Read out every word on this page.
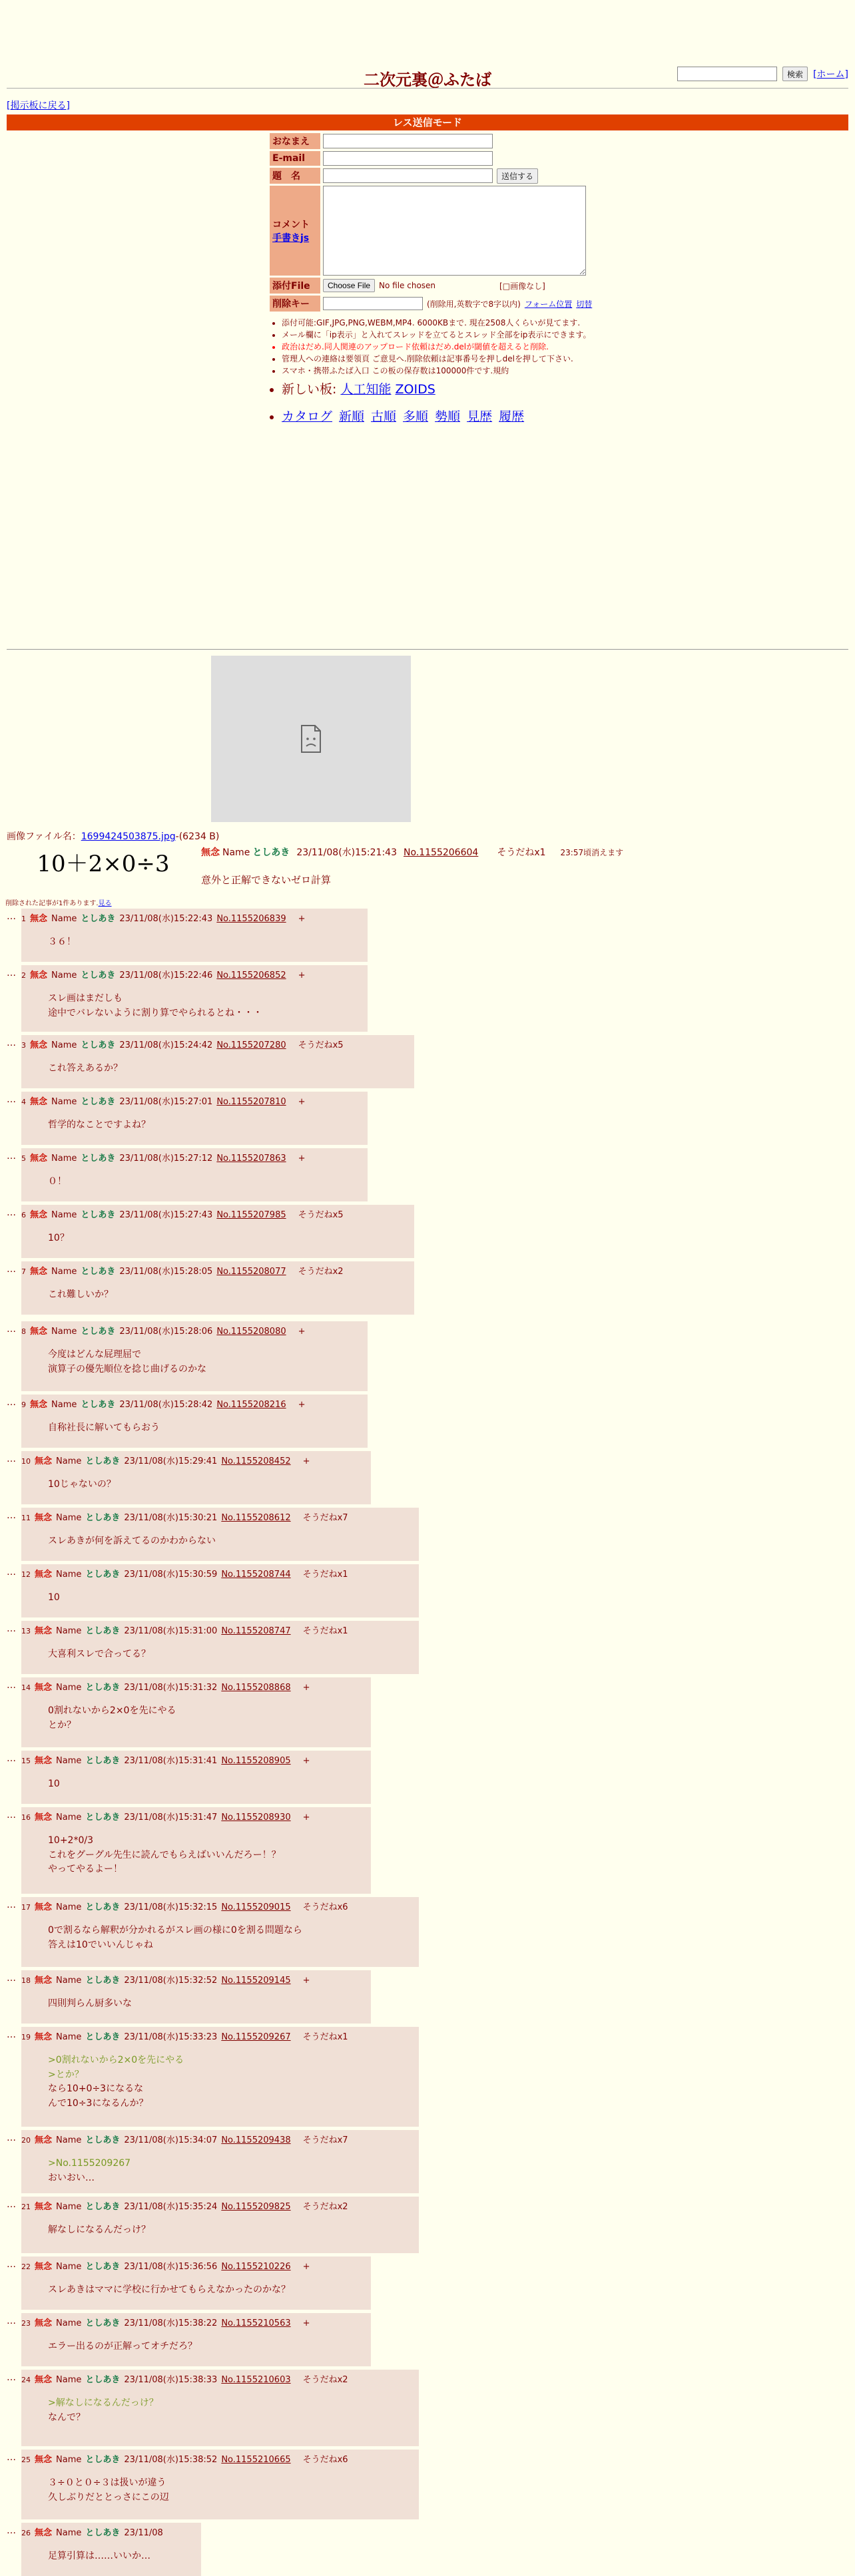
二次元裏＠ふたば	検索	[ホーム]
[掲示板に戻る]
レス送信モード
おなまえ
E-mail
題　名	送信する
コメント
手書きjs
添付File	Choose File	No file chosen	[□画像なし]
削除キー	(削除用,英数字で8字以内) フォーム位置 切替
• 添付可能:GIF,JPG,PNG,WEBM,MP4. 6000KBまで. 現在2508人くらいが見てます.
• メール欄に「ip表示」と入れてスレッドを立てるとスレッド全部をip表示にできます。
• 政治はだめ.同人関連のアップロード依頼はだめ.delが閾値を超えると削除.
• 管理人への連絡は要領頁 ご意見へ.削除依頼は記事番号を押しdelを押して下さい.
• スマホ・携帯ふたば入口 この板の保存数は100000件です.規約
• 新しい板: 人工知能 ZOIDS
• カタログ 新順 古順 多順 勢順 見歴 履歴
画像ファイル名：1699424503875.jpg-(6234 B)
10＋2×0÷3	無念 Name としあき 23/11/08(水)15:21:43 No.1155206604 そうだねx1 23:57頃消えます
意外と正解できないゼロ計算
削除された記事が1件あります.見る
… 1 無念 Name としあき 23/11/08(水)15:22:43 No.1155206839 +
３６！
… 2 無念 Name としあき 23/11/08(水)15:22:46 No.1155206852 +
スレ画はまだしも
途中でバレないように割り算でやられるとね・・・
… 3 無念 Name としあき 23/11/08(水)15:24:42 No.1155207280 そうだねx5
これ答えあるか？
… 4 無念 Name としあき 23/11/08(水)15:27:01 No.1155207810 +
哲学的なことですよね？
… 5 無念 Name としあき 23/11/08(水)15:27:12 No.1155207863 +
０！
… 6 無念 Name としあき 23/11/08(水)15:27:43 No.1155207985 そうだねx5
10？
… 7 無念 Name としあき 23/11/08(水)15:28:05 No.1155208077 そうだねx2
これ難しいか？
… 8 無念 Name としあき 23/11/08(水)15:28:06 No.1155208080 +
今度はどんな屁理屈で
演算子の優先順位を捻じ曲げるのかな
… 9 無念 Name としあき 23/11/08(水)15:28:42 No.1155208216 +
自称社長に解いてもらおう
… 10 無念 Name としあき 23/11/08(水)15:29:41 No.1155208452 +
10じゃないの？
… 11 無念 Name としあき 23/11/08(水)15:30:21 No.1155208612 そうだねx7
スレあきが何を訴えてるのかわからない
… 12 無念 Name としあき 23/11/08(水)15:30:59 No.1155208744 そうだねx1
10
… 13 無念 Name としあき 23/11/08(水)15:31:00 No.1155208747 そうだねx1
大喜利スレで合ってる？
… 14 無念 Name としあき 23/11/08(水)15:31:32 No.1155208868 +
0割れないから2×0を先にやる
とか？
… 15 無念 Name としあき 23/11/08(水)15:31:41 No.1155208905 +
10
… 16 無念 Name としあき 23/11/08(水)15:31:47 No.1155208930 +
10+2*0/3
これをグーグル先生に読んでもらえばいいんだろー！？
やってやるよー！
… 17 無念 Name としあき 23/11/08(水)15:32:15 No.1155209015 そうだねx6
0で割るなら解釈が分かれるがスレ画の様に0を割る問題なら
答えは10でいいんじゃね
… 18 無念 Name としあき 23/11/08(水)15:32:52 No.1155209145 +
四則判らん厨多いな
… 19 無念 Name としあき 23/11/08(水)15:33:23 No.1155209267 そうだねx1
>0割れないから2×0を先にやる
>とか？
なら10+0÷3になるな
んで10÷3になるんか？
… 20 無念 Name としあき 23/11/08(水)15:34:07 No.1155209438 そうだねx7
>No.1155209267
おいおい…
… 21 無念 Name としあき 23/11/08(水)15:35:24 No.1155209825 そうだねx2
解なしになるんだっけ？
… 22 無念 Name としあき 23/11/08(水)15:36:56 No.1155210226 +
スレあきはママに学校に行かせてもらえなかったのかな？
… 23 無念 Name としあき 23/11/08(水)15:38:22 No.1155210563 +
エラー出るのが正解ってオチだろ？
… 24 無念 Name としあき 23/11/08(水)15:38:33 No.1155210603 そうだねx2
>解なしになるんだっけ？
なんで？
… 25 無念 Name としあき 23/11/08(水)15:38:52 No.1155210665 そうだねx6
３÷０と０÷３は扱いが違う
久しぶりだととっさにこの辺
… 26 無念 Name としあき 23/11/08
足算引算は……いいか…
